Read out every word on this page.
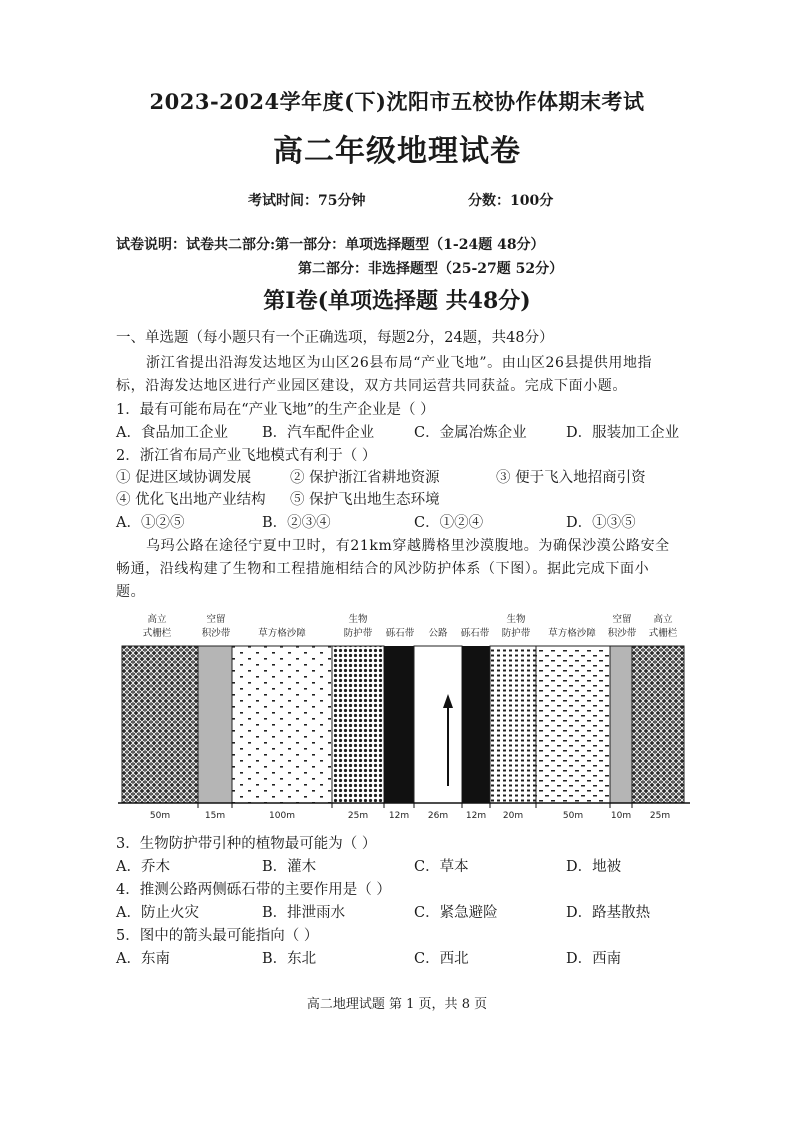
2023-2024学年度(下)沈阳市五校协作体期末考试
高二年级地理试卷
考试时间：75分钟	分数：100分
试卷说明：试卷共二部分:第一部分：单项选择题型（1-24题 48分）
第二部分：非选择题型（25-27题 52分）
第Ⅰ卷(单项选择题 共48分)
一、单选题（每小题只有一个正确选项，每题2分，24题，共48分）
浙江省提出沿海发达地区为山区26县布局“产业飞地”。由山区26县提供用地指
标，沿海发达地区进行产业园区建设，双方共同运营共同获益。完成下面小题。
1．最有可能布局在“产业飞地”的生产企业是（ ）
A．食品加工企业 B．汽车配件企业	C．金属冶炼企业	D．服装加工企业
2．浙江省布局产业飞地模式有利于（ ）
① 促进区域协调发展	② 保护浙江省耕地资源	③ 便于飞入地招商引资
④ 优化飞出地产业结构 ⑤ 保护飞出地生态环境
A．①②⑤	B．②③④	C．①②④	D．①③⑤
乌玛公路在途径宁夏中卫时，有21km穿越腾格里沙漠腹地。为确保沙漠公路安全
畅通，沿线构建了生物和工程措施相结合的风沙防护体系（下图）。据此完成下面小
题。
高立
式栅栏
空留
积沙带	草方格沙障
生物
防护带 砾石带 公路 砾石带
生物
防护带 草方格沙障
空留
积沙带
高立
式栅栏
50m	15m	100m	25m 12m 26m 12m 20m	50m	10m 25m
3．生物防护带引种的植物最可能为（ ）
A．乔木	B．灌木	C．草本	D．地被
4．推测公路两侧砾石带的主要作用是（ ）
A．防止火灾	B．排泄雨水	C．紧急避险	D．路基散热
5．图中的箭头最可能指向（ ）
A．东南	B．东北	C．西北	D．西南
高二地理试题 第 1 页，共 8 页
